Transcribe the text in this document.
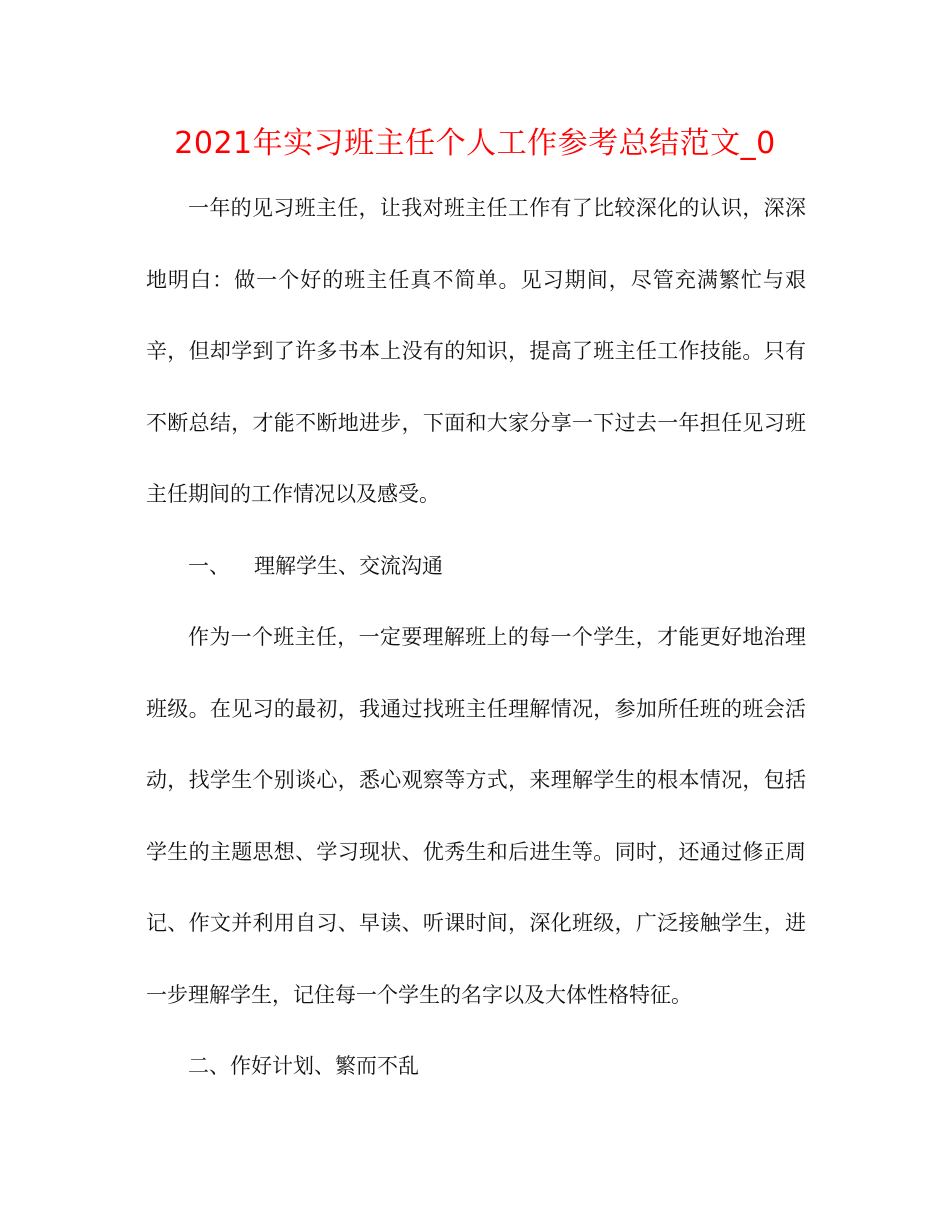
2021年实习班主任个人工作参考总结范文_0

一年的见习班主任，让我对班主任工作有了比较深化的认识，深深地明白：做一个好的班主任真不简单。见习期间，尽管充满繁忙与艰辛，但却学到了许多书本上没有的知识，提高了班主任工作技能。只有不断总结，才能不断地进步，下面和大家分享一下过去一年担任见习班主任期间的工作情况以及感受。

一、 理解学生、交流沟通

作为一个班主任，一定要理解班上的每一个学生，才能更好地治理班级。在见习的最初，我通过找班主任理解情况，参加所任班的班会活动，找学生个别谈心，悉心观察等方式，来理解学生的根本情况，包括学生的主题思想、学习现状、优秀生和后进生等。同时，还通过修正周记、作文并利用自习、早读、听课时间，深化班级，广泛接触学生，进一步理解学生，记住每一个学生的名字以及大体性格特征。

二、作好计划、繁而不乱
